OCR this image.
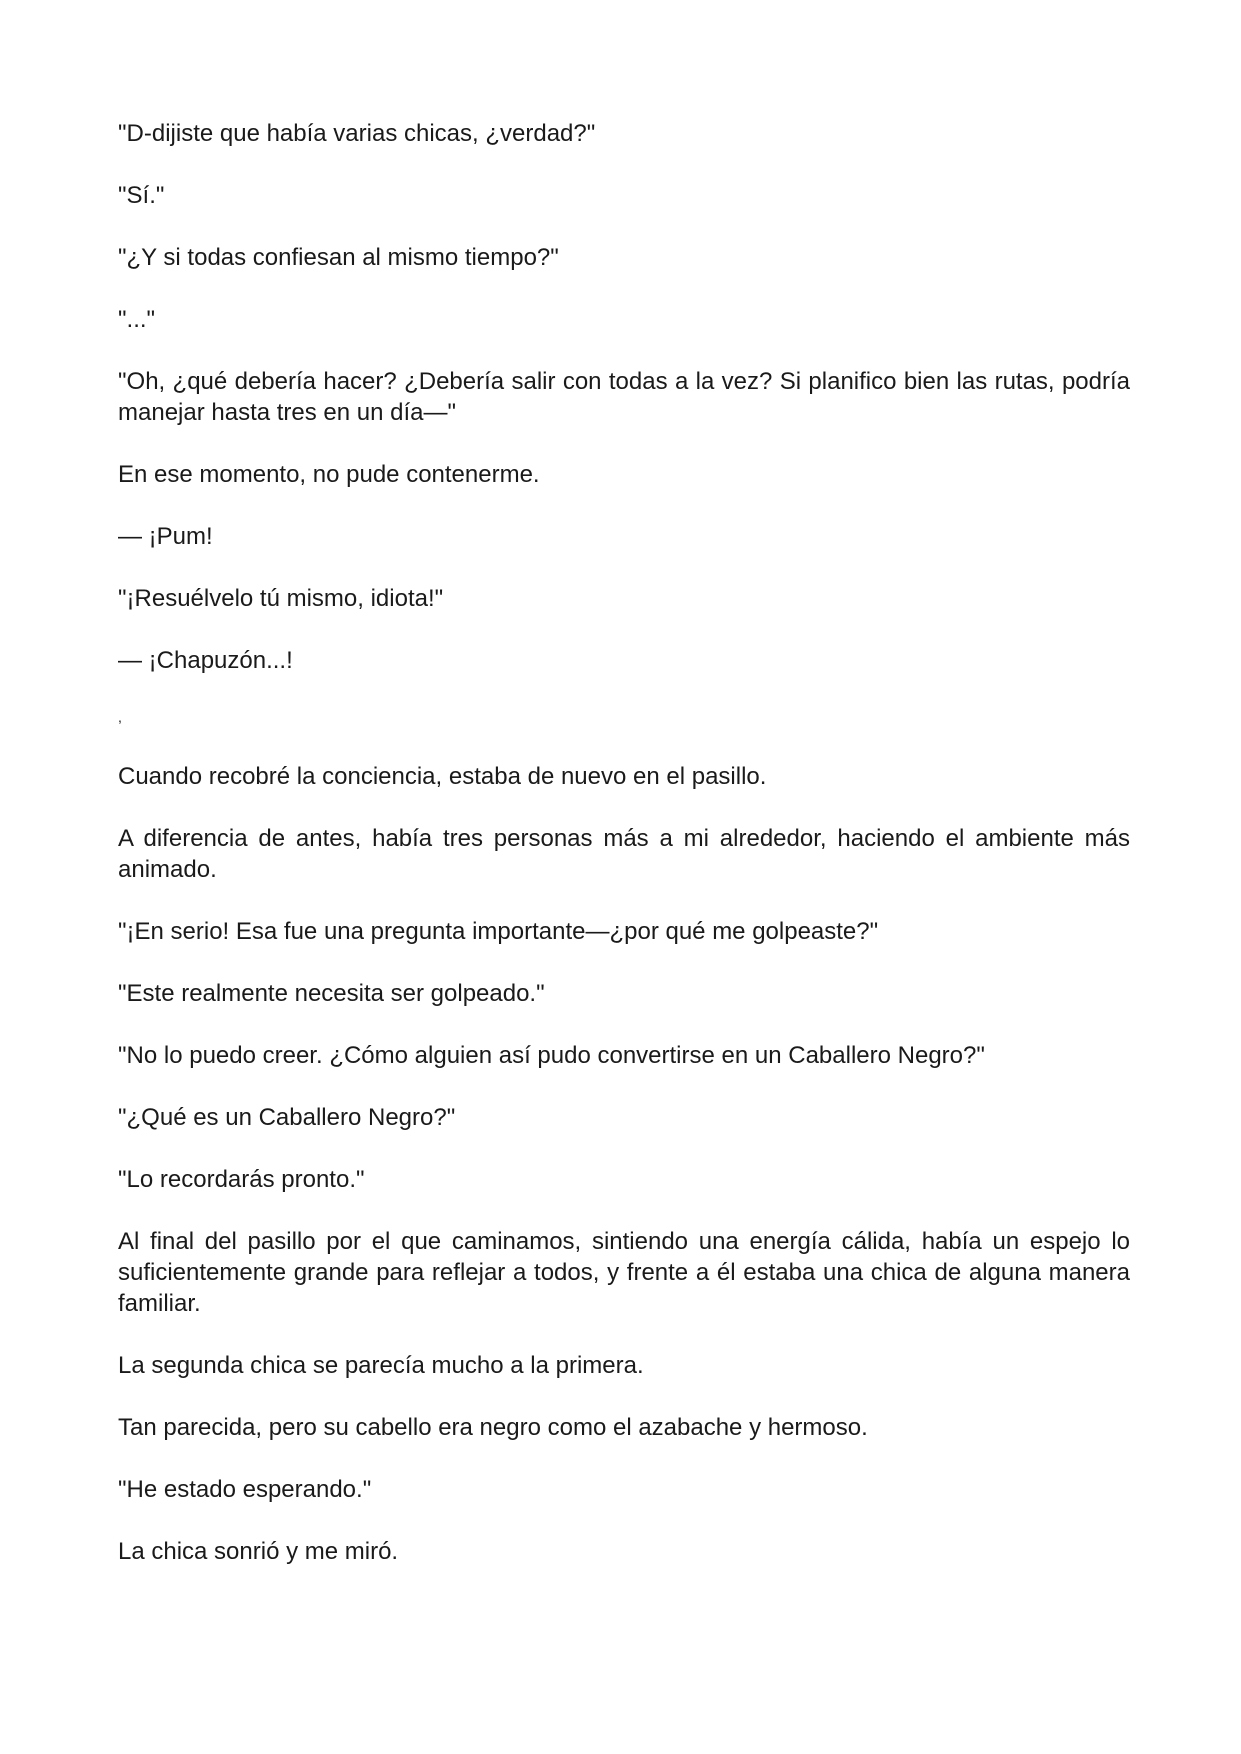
"D-dijiste que había varias chicas, ¿verdad?"

"Sí."

"¿Y si todas confiesan al mismo tiempo?"

"..."

"Oh, ¿qué debería hacer? ¿Debería salir con todas a la vez? Si planifico bien las rutas, podría manejar hasta tres en un día—"

En ese momento, no pude contenerme.

— ¡Pum!

"¡Resuélvelo tú mismo, idiota!"

— ¡Chapuzón...!

,

Cuando recobré la conciencia, estaba de nuevo en el pasillo.

A diferencia de antes, había tres personas más a mi alrededor, haciendo el ambiente más animado.

"¡En serio! Esa fue una pregunta importante—¿por qué me golpeaste?"

"Este realmente necesita ser golpeado."

"No lo puedo creer. ¿Cómo alguien así pudo convertirse en un Caballero Negro?"

"¿Qué es un Caballero Negro?"

"Lo recordarás pronto."

Al final del pasillo por el que caminamos, sintiendo una energía cálida, había un espejo lo suficientemente grande para reflejar a todos, y frente a él estaba una chica de alguna manera familiar.

La segunda chica se parecía mucho a la primera.

Tan parecida, pero su cabello era negro como el azabache y hermoso.

"He estado esperando."

La chica sonrió y me miró.
